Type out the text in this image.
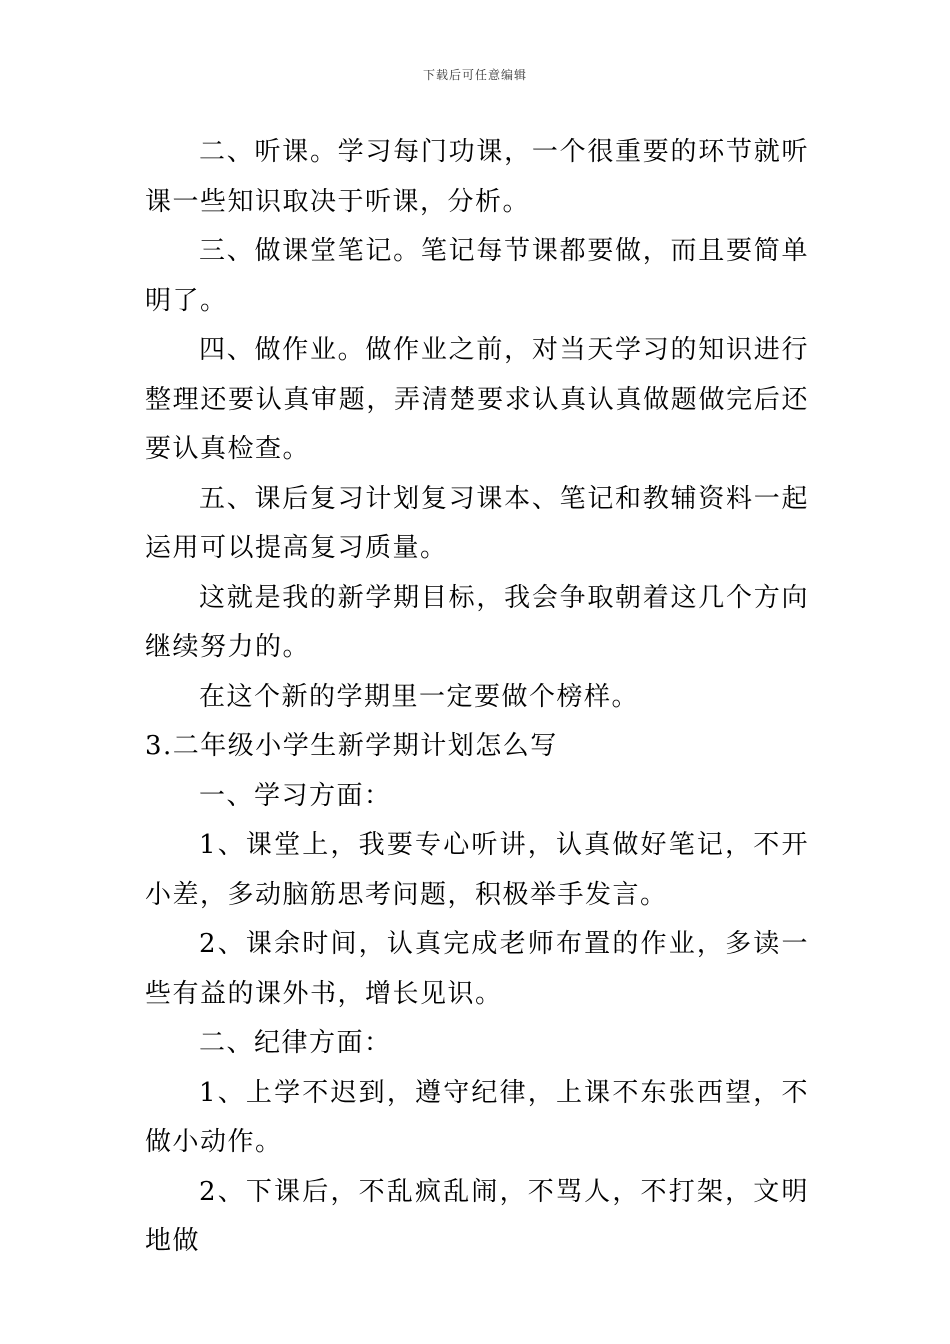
下载后可任意编辑

二、听课。学习每门功课，一个很重要的环节就听课一些知识取决于听课，分析。

三、做课堂笔记。笔记每节课都要做，而且要简单明了。

四、做作业。做作业之前，对当天学习的知识进行整理还要认真审题，弄清楚要求认真认真做题做完后还要认真检查。

五、课后复习计划复习课本、笔记和教辅资料一起运用可以提高复习质量。

这就是我的新学期目标，我会争取朝着这几个方向继续努力的。

在这个新的学期里一定要做个榜样。

3.二年级小学生新学期计划怎么写

一、学习方面：

1、课堂上，我要专心听讲，认真做好笔记，不开小差，多动脑筋思考问题，积极举手发言。

2、课余时间，认真完成老师布置的作业，多读一些有益的课外书，增长见识。

二、纪律方面：

1、上学不迟到，遵守纪律，上课不东张西望，不做小动作。

2、下课后，不乱疯乱闹，不骂人，不打架，文明地做
